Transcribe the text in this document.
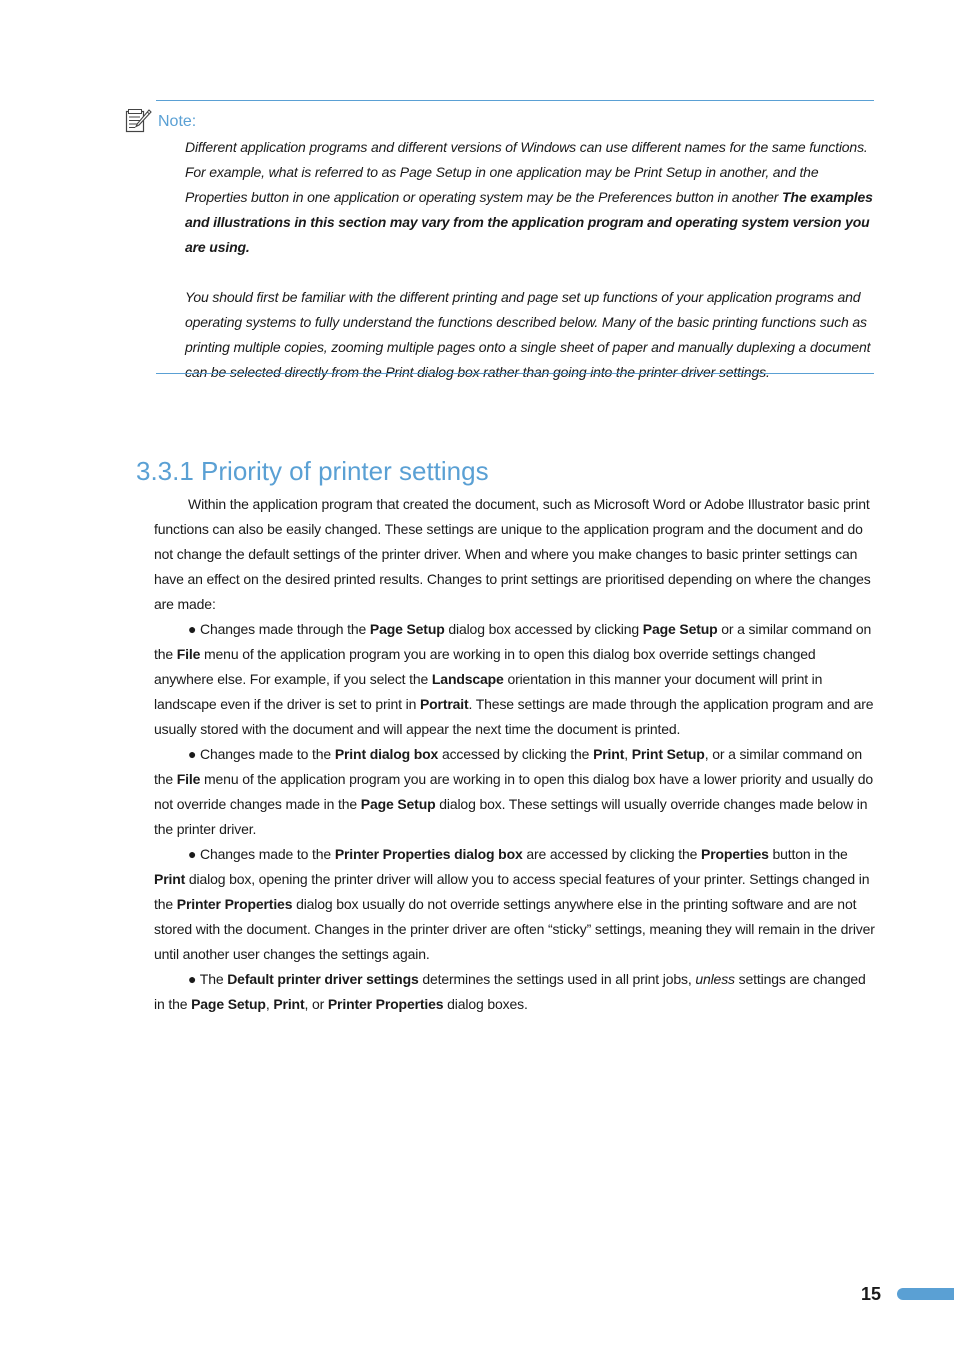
Note:

Different application programs and different versions of Windows can use different names for the same functions. For example, what is referred to as Page Setup in one application may be Print Setup in another, and the Properties button in one application or operating system may be the Preferences button in another The examples and illustrations in this section may vary from the application program and operating system version you are using.

You should first be familiar with the different printing and page set up functions of your application programs and operating systems to fully understand the functions described below. Many of the basic printing functions such as printing multiple copies, zooming multiple pages onto a single sheet of paper and manually duplexing a document can be selected directly from the Print dialog box rather than going into the printer driver settings.

3.3.1 Priority of printer settings

Within the application program that created the document, such as Microsoft Word or Adobe Illustrator basic print functions can also be easily changed. These settings are unique to the application program and the document and do not change the default settings of the printer driver. When and where you make changes to basic printer settings can have an effect on the desired printed results. Changes to print settings are prioritised depending on where the changes are made:

● Changes made through the Page Setup dialog box accessed by clicking Page Setup or a similar command on the File menu of the application program you are working in to open this dialog box override settings changed anywhere else. For example, if you select the Landscape orientation in this manner your document will print in landscape even if the driver is set to print in Portrait. These settings are made through the application program and are usually stored with the document and will appear the next time the document is printed.

● Changes made to the Print dialog box accessed by clicking the Print, Print Setup, or a similar command on the File menu of the application program you are working in to open this dialog box have a lower priority and usually do not override changes made in the Page Setup dialog box. These settings will usually override changes made below in the printer driver.

● Changes made to the Printer Properties dialog box are accessed by clicking the Properties button in the Print dialog box, opening the printer driver will allow you to access special features of your printer. Settings changed in the Printer Properties dialog box usually do not override settings anywhere else in the printing software and are not stored with the document. Changes in the printer driver are often “sticky” settings, meaning they will remain in the driver until another user changes the settings again.

● The Default printer driver settings determines the settings used in all print jobs, unless settings are changed in the Page Setup, Print, or Printer Properties dialog boxes.

15
